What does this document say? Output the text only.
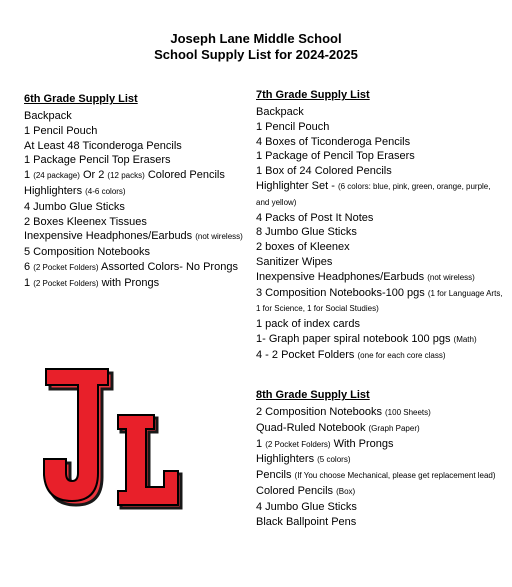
Joseph Lane Middle School
School Supply List for 2024-2025
6th Grade Supply List
Backpack
1 Pencil Pouch
At Least 48 Ticonderoga Pencils
1 Package Pencil Top Erasers
1 (24 package) Or 2 (12 packs) Colored Pencils
Highlighters (4-6 colors)
4 Jumbo Glue Sticks
2 Boxes Kleenex Tissues
Inexpensive Headphones/Earbuds (not wireless)
5 Composition Notebooks
6 (2 Pocket Folders) Assorted Colors- No Prongs
1 (2 Pocket Folders) with Prongs
7th Grade Supply List
Backpack
1 Pencil Pouch
4 Boxes of Ticonderoga Pencils
1 Package of Pencil Top Erasers
1 Box of 24 Colored Pencils
Highlighter Set - (6 colors: blue, pink, green, orange, purple, and yellow)
4 Packs of Post It Notes
8 Jumbo Glue Sticks
2 boxes of Kleenex
Sanitizer Wipes
Inexpensive Headphones/Earbuds (not wireless)
3 Composition Notebooks-100 pgs (1 for Language Arts, 1 for Science, 1 for Social Studies)
1 pack of index cards
1- Graph paper spiral notebook 100 pgs (Math)
4 - 2 Pocket Folders (one for each core class)
8th Grade Supply List
2 Composition Notebooks (100 Sheets)
Quad-Ruled Notebook (Graph Paper)
1 (2 Pocket Folders) With Prongs
Highlighters (5 colors)
Pencils (If You choose Mechanical, please get replacement lead)
Colored Pencils (Box)
4 Jumbo Glue Sticks
Black Ballpoint Pens
